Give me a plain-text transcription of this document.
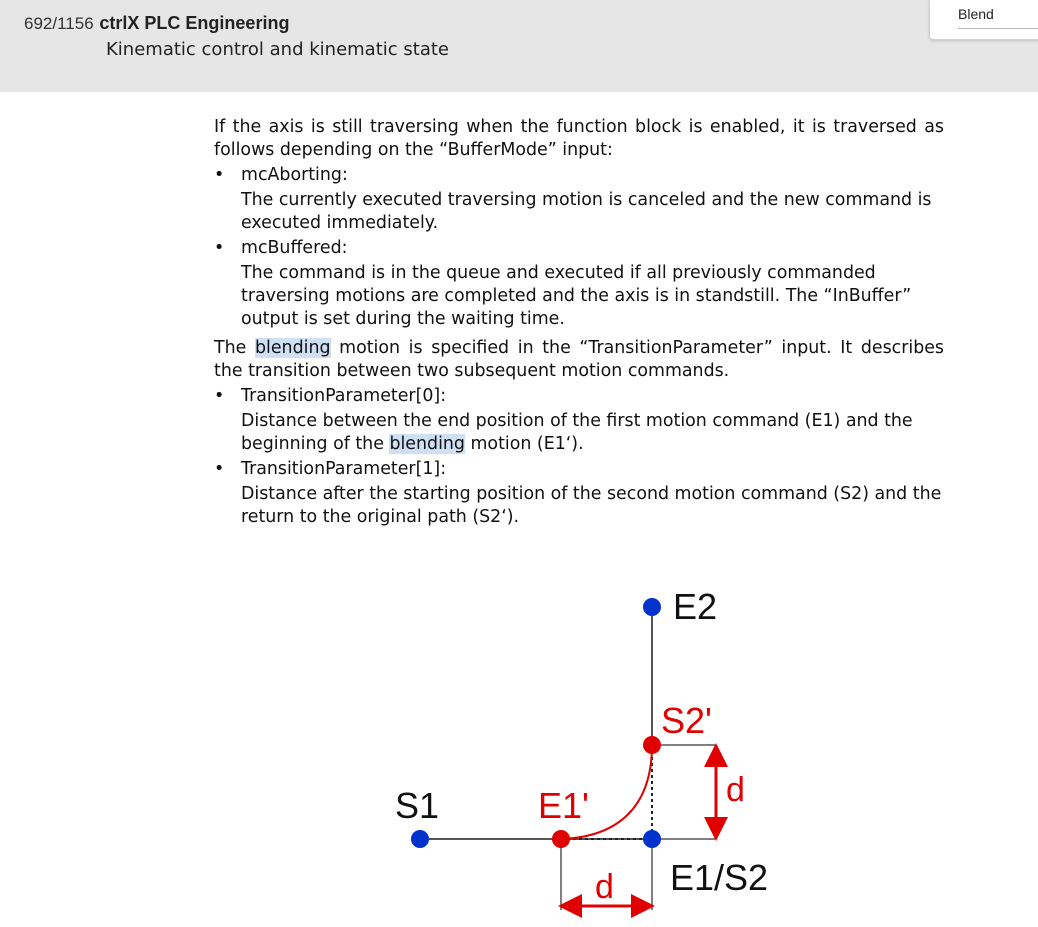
692/1156 ctrlX PLC Engineering
Kinematic control and kinematic state
Blend

If the axis is still traversing when the function block is enabled, it is traversed as follows depending on the “BufferMode” input:

• mcAborting:
The currently executed traversing motion is canceled and the new command is executed immediately.
• mcBuffered:
The command is in the queue and executed if all previously commanded traversing motions are completed and the axis is in standstill. The “InBuffer” output is set during the waiting time.

The blending motion is specified in the “TransitionParameter” input. It describes the transition between two subsequent motion commands.

• TransitionParameter[0]:
Distance between the end position of the first motion command (E1) and the beginning of the blending motion (E1‘).
• TransitionParameter[1]:
Distance after the starting position of the second motion command (S2) and the return to the original path (S2‘).
E2
S2'
S1	E1'
E1/S2
d
d
